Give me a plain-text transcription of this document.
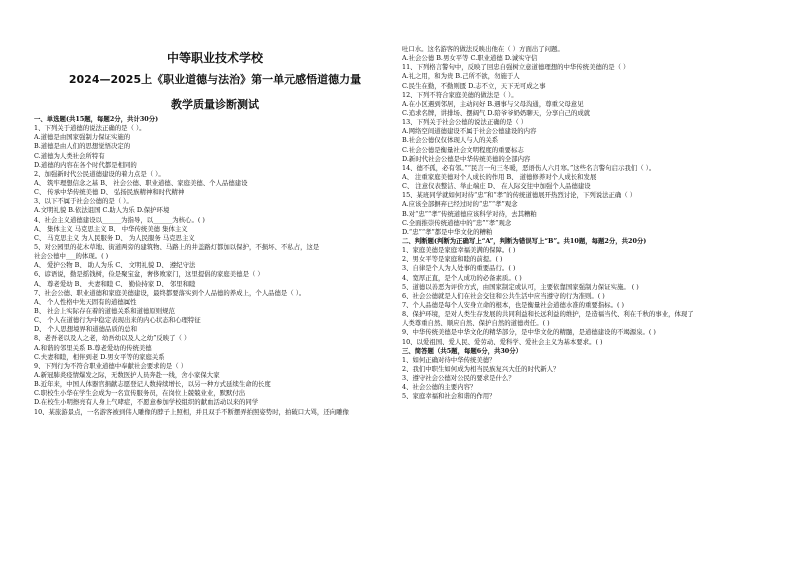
中等职业技术学校
2024—2025上《职业道德与法治》第一单元感悟道德力量
教学质量诊断测试
一、单选题(共15题，每题2分，共计30分)
1、下列关于道德的说法正确的是（ ）。
A.道德是由国家强制力保证实施的
B.道德是由人们的思想觉悟决定的
C.道德为人类社会所特有
D.道德的内容在各个时代都是相同的
2、加强新时代公民道德建设的着力点是（ ）。
A、 筑牢理想信念之基 B、 社会公德、职业道德、家庭美德、个人品德建设
C、 传承中华传统美德 D、 弘扬民族精神和时代精神
3、以下不属于社会公德的是（ ）。
A.文明礼貌 B.依法诅国 C.助人为乐 D.保护环境
4、社会主义道德建设以______为指导，以______为核心。( )
A、 集体主义 马克思主义 B、 中华传统美德 集体主义
C、 马克思主义 为人民服务 D、 为人民服务 马克思主义
5、对公园里的花木草地、街道两旁的建筑物、马路上的井盖路灯都加以保护，不损坏、不私占，这是
社会公德中___的体现。( )
A、 爱护公物 B、 助人为乐 C、 文明礼貌 D、 遵纪守法
6、谚语说，勤是摇钱树，俭是聚宝盆，奢侈败家门，这里提倡的家庭美德是（ ）
A、 尊老爱幼 B、 夫妻和睦 C、 勤俭持家 D、 邻里和睦
7、社会公德、职业道德和家庭美德建设，最终都要落实到个人品德的养成上，个人品德是（ ）。
A、 个人性格中先天固有的道德属性
B、 社会上实际存在着的道德关系和道德原则规范
C、 个人在道德行为中稳定表现出来的内心状态和心理特征
D、 个人思想境界和道德品质的总和
8、老吾老以及人之老，幼吾幼以及人之幼”反映了（ ）
A.和谐的邻里关系 B.尊老爱幼的传统美德
C.夫妻和睦，相伴到老 D.男女平等的家庭关系
9、下列行为不符合职业道德中奉献社会要求的是（ ）
A.新冠肺炎疫情爆发之际，无数医护人员奔赴一线，舍小家保大家
B.近年来，中国人体器官捐献志愿登记人数持续增长，以另一种方式延续生命的长度
C.职校生小华在学生会成为一名宣传服务员，在岗位上兢兢业业，默默付出
D.在校生小明擦亮有人身上气哮症，不愿意参加学校组织的献血活动以来的同学
10、某旅游景点，一名游客被到伟人雕像的脖子上照相，并且双手不断摆弄拍照姿势时，拍破口大骂，还向雕像
吐口水。这名游客的做法反映出他在（ ）方面出了问题。
A.社会公德 B.男女平等 C.职业道德 D.诚实守信
11、下列格言警句中，反映了回忠自强树立意道德理想的中华传统美德的是（ ）
A.礼之用，和为贵 B.己所不欲，勿施于人
C.民生在勤，不勤则匮 D.志不立，天下无可成之事
12、下列不符合家庭美德的做法是（ ）。
A.在小区遇到邻居，主动问好 B.遇事与父母沟通，尊重父母意见
C.追求名牌，讲排场、摆阔气 D.陪爷爷奶奶聊天，分享自己的成就
13、下列关于社会公德的说法正确的是（ ）
A.网络空间道德建设不属于社会公德建设的内容
B.社会公德仅仅体现人与人的关系
C.社会公德是衡量社会文明程度的重要标志
D.新时代社会公德是中华传统美德的全部内容
14、德不孤，必有邻。”“民言一句三冬暖，恶语伤人六月寒。”这些名言警句启示我们（ ）。
A、 注重家庭美德对个人成长的作用 B、 道德修养对个人成长和发展
C、 注意仪表整洁、举止端庄 D、 在人际交往中加强个人品德建设
15、某班同学就如何对待“忠”和“孝”的传统道德展开热烈讨论，下列说法正确（ ）
A.应该全部摒弃已经过时的“忠”“孝”观念
B.对“忠”“孝”传统道德应该科学对待，去其糟粕
C.全面推崇传统道德中的“忠”“孝”观念
D.“忠”“孝”都是中华文化的糟粕
二、判断题(判断为正确写上“A”，判断为错误写上“B”。共10题，每题2分，共20分)
1、家庭美德是家庭幸福美满的保障。( )
2、男女平等是家庭和睦的前提。( )
3、自律是个人为人处事的重要品行。( )
4、宽厚正直，是个人成功的必备素质。( )
5、道德以善恶为评价方式，由国家制定或认可，主要依靠国家强制力保证实施。 ( )
6、社会公德就是人们在社会交往和公共生活中应当遵守的行为准则。( )
7、个人品德是每个人安身立命的根本，也是衡量社会道德水准的重要指标。( )
8、保护环境，是对人类生存发展的共同利益和长远利益的维护，是造福当代、利在千秋的事业，体现了
人类尊重自然、顺应自然、保护自然的道德责任。( )
9、中华传统美德是中华文化的精华部分，是中华文化的精髓，是道德建设的不竭源泉。( )
10、以爱祖国、爱人民、爱劳动、爱科学、爱社会主义为基本要求。( )
三、简答题（共5题，每题6分，共30分）
1、如何正确对待中华传统美德？
2、我们中职生如何成为相当民族复兴大任的时代新人？
3、遵守社会公德对公民的要求是什么？
4、社会公德的主要内容？
5、家庭幸福和社会和谐的作用？
